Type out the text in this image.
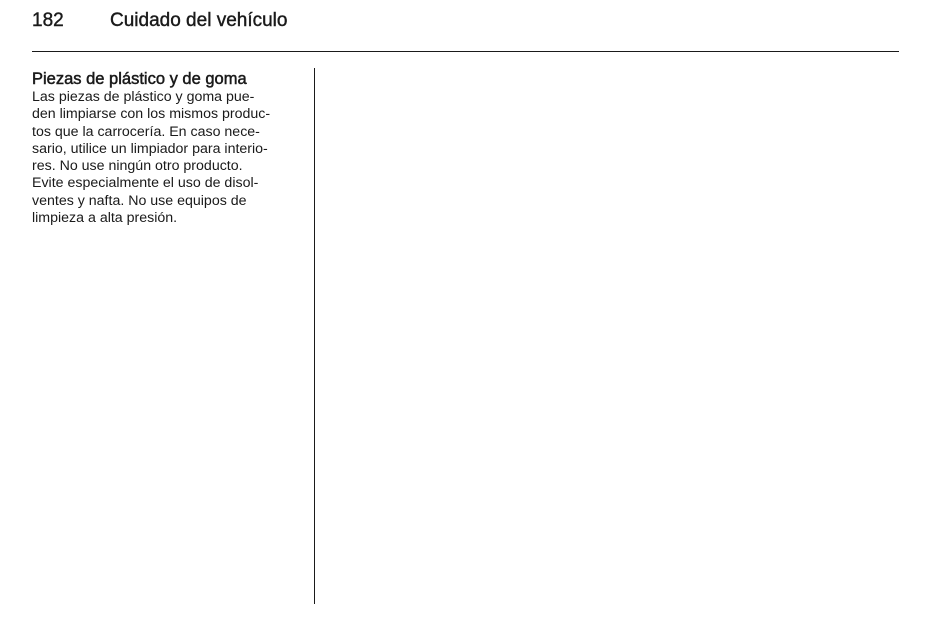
182	Cuidado del vehículo
Piezas de plástico y de goma
Las piezas de plástico y goma pue-
den limpiarse con los mismos produc-
tos que la carrocería. En caso nece-
sario, utilice un limpiador para interio-
res. No use ningún otro producto.
Evite especialmente el uso de disol-
ventes y nafta. No use equipos de
limpieza a alta presión.
